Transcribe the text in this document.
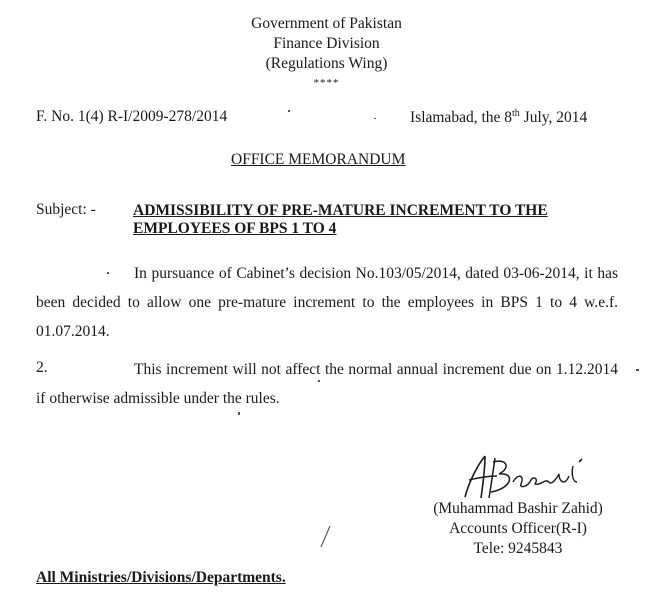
Government of Pakistan
Finance Division
(Regulations Wing)
****
F. No. 1(4) R-I/2009-278/2014	Islamabad, the 8th July, 2014
OFFICE MEMORANDUM
Subject: - ADMISSIBILITY OF PRE-MATURE INCREMENT TO THE
EMPLOYEES OF BPS 1 TO 4
In pursuance of Cabinet’s decision No.103/05/2014, dated 03-06-2014, it has been decided to allow one pre-mature increment to the employees in BPS 1 to 4 w.e.f. 01.07.2014.
2.	This increment will not affect the normal annual increment due on 1.12.2014 if otherwise admissible under the rules.
(Muhammad Bashir Zahid)
Accounts Officer(R-I)
Tele: 9245843
All Ministries/Divisions/Departments.
